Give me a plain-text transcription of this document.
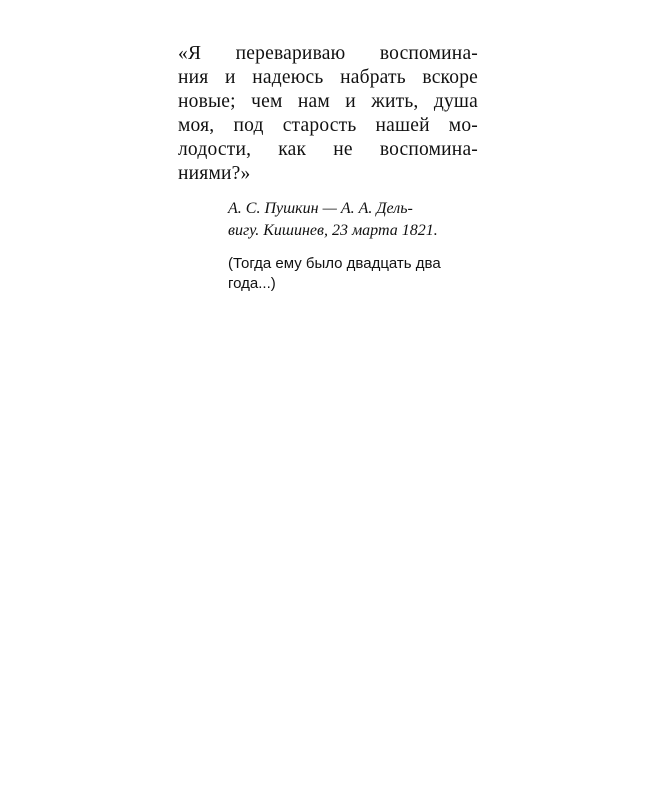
«Я перевариваю воспомина-
ния и надеюсь набрать вскоре
новые; чем нам и жить, душа
моя, под старость нашей мо-
лодости, как не воспомина-
ниями?»

А. С. Пушкин — А. А. Дель-
вигу. Кишинев, 23 марта 1821.

(Тогда ему было двадцать два
года...)
